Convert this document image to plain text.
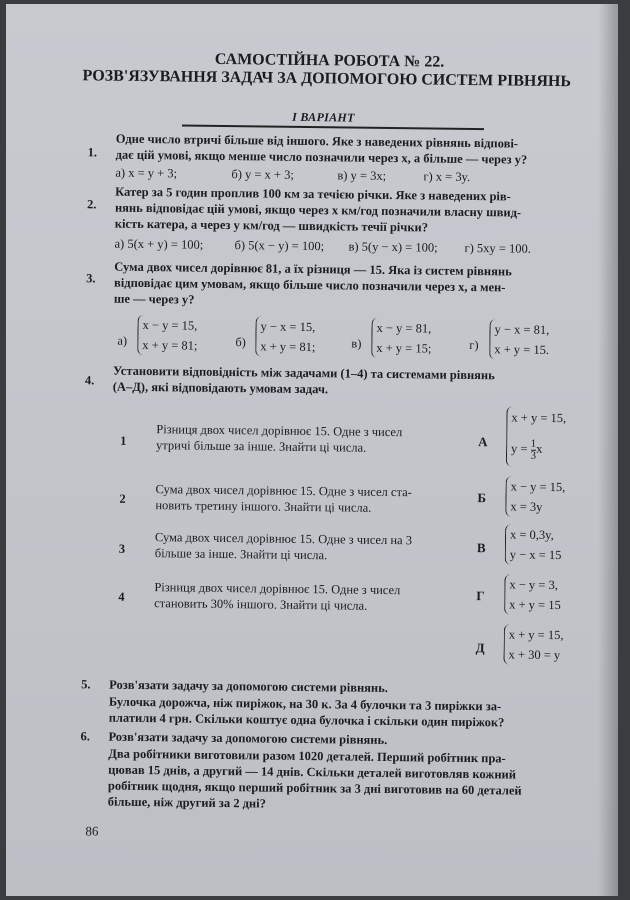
САМОСТІЙНА РОБОТА № 22.
РОЗВ'ЯЗУВАННЯ ЗАДАЧ ЗА ДОПОМОГОЮ СИСТЕМ РІВНЯНЬ
I ВАРІАНТ
1.
Одне число втричі більше від іншого. Яке з наведених рівнянь відпові-
дає цій умові, якщо менше число позначили через x, а більше — через y?
а) x = y + 3;	б) y = x + 3;	в) y = 3x;	г) x = 3y.
2.
Катер за 5 годин проплив 100 км за течією річки. Яке з наведених рів-
нянь відповідає цій умові, якщо через x км/год позначили власну швид-
кість катера, а через y км/год — швидкість течії річки?
а) 5(x + y) = 100; б) 5(x − y) = 100; в) 5(y − x) = 100; г) 5xy = 100.
3. Сума двох чисел дорівнює 81, а їх різниця — 15. Яка із систем рівнянь
відповідає цим умовам, якщо більше число позначили через x, а мен-
ше — через y?
а)
x − y = 15,
x + y = 81;	б)
y − x = 15,
x + y = 81;	в)
x − y = 81,
x + y = 15;	г)
y − x = 81,
x + y = 15.
4. Установити відповідність між задачами (1–4) та системами рівнянь
(А–Д), які відповідають умовам задач.
1
Різниця двох чисел дорівнює 15. Одне з чисел
утричі більше за інше. Знайти ці числа.
2 Сума двох чисел дорівнює 15. Одне з чисел ста-
новить третину іншого. Знайти ці числа.
3
Сума двох чисел дорівнює 15. Одне з чисел на 3
більше за інше. Знайти ці числа.
4 Різниця двох чисел дорівнює 15. Одне з чисел
становить 30% іншого. Знайти ці числа.
А
x + y = 15,
$y = \frac{1}{3}$ x
Б
x − y = 15,
x = 3y
В
x = 0,3y,
y − x = 15
Г
x − y = 3,
x + y = 15
Д
x + y = 15,
x + 30 = y
5. Розв'язати задачу за допомогою системи рівнянь.
Булочка дорожча, ніж пиріжок, на 30 к. За 4 булочки та 3 пиріжки за-
платили 4 грн. Скільки коштує одна булочка і скільки один пиріжок?
6. Розв'язати задачу за допомогою системи рівнянь.
Два робітники виготовили разом 1020 деталей. Перший робітник пра-
цював 15 днів, а другий — 14 днів. Скільки деталей виготовляв кожний
робітник щодня, якщо перший робітник за 3 дні виготовив на 60 деталей
більше, ніж другий за 2 дні?
86
